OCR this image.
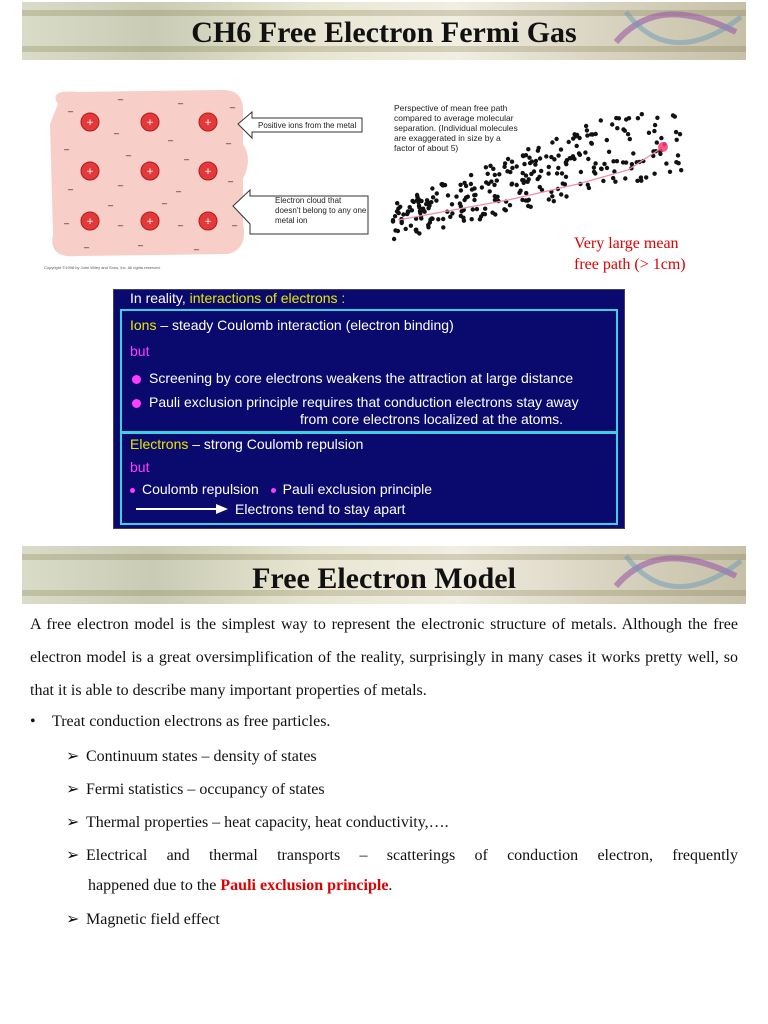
CH6 Free Electron Fermi Gas
+	+	+
+	+	+
+	+	+
_
_	_	_
_
_	_
_
_	_
_	_
_
_
_	_
_	_	_	_
_	_	_
Positive ions from the metal
Electron cloud that doesn't belong to any one metal ion
Copyright ©1998 by John Wiley and Sons, Inc. All rights reserved.
Perspective of mean free path compared to average molecular separation. (Individual molecules are exaggerated in size by a factor of about 5)
Very large mean
free path (> 1cm)
In reality, interactions of electrons :
Ions – steady Coulomb interaction (electron binding)
but
Screening by core electrons weakens the attraction at large distance
Pauli exclusion principle requires that conduction electrons stay away
from core electrons localized at the atoms.
Electrons – strong Coulomb repulsion
but
Coulomb repulsion Pauli exclusion principle
Electrons tend to stay apart
Free Electron Model
A free electron model is the simplest way to represent the electronic structure of metals. Although the free electron model is a great oversimplification of the reality, surprisingly in many cases it works pretty well, so that it is able to describe many important properties of metals.
• Treat conduction electrons as free particles.
➢ Continuum states – density of states
➢ Fermi statistics – occupancy of states
➢ Thermal properties – heat capacity, heat conductivity,….
➢ Electrical and thermal transports – scatterings of conduction electron, frequently
happened due to the Pauli exclusion principle.
➢ Magnetic field effect
